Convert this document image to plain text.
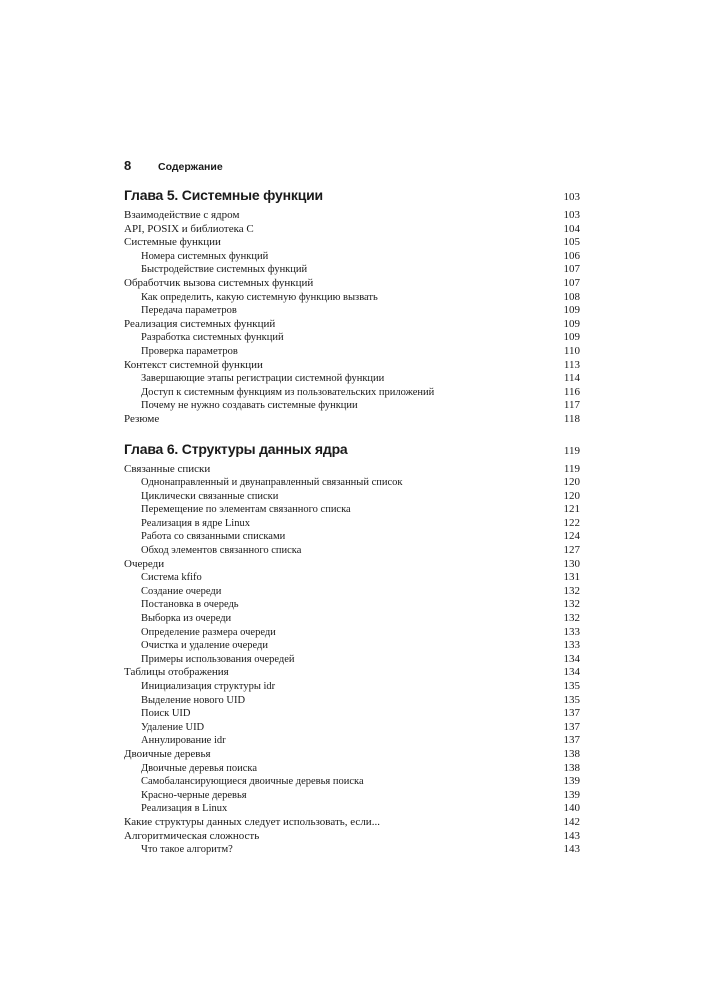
8	Содержание
Глава 5. Системные функции	103
Взаимодействие с ядром	103
API, POSIX и библиотека C	104
Системные функции	105
Номера системных функций	106
Быстродействие системных функций	107
Обработчик вызова системных функций	107
Как определить, какую системную функцию вызвать	108
Передача параметров	109
Реализация системных функций	109
Разработка системных функций	109
Проверка параметров	110
Контекст системной функции	113
Завершающие этапы регистрации системной функции	114
Доступ к системным функциям из пользовательских приложений	116
Почему не нужно создавать системные функции	117
Резюме	118
Глава 6. Структуры данных ядра	119
Связанные списки	119
Однонаправленный и двунаправленный связанный список	120
Циклически связанные списки	120
Перемещение по элементам связанного списка	121
Реализация в ядре Linux	122
Работа со связанными списками	124
Обход элементов связанного списка	127
Очереди	130
Система kfifo	131
Создание очереди	132
Постановка в очередь	132
Выборка из очереди	132
Определение размера очереди	133
Очистка и удаление очереди	133
Примеры использования очередей	134
Таблицы отображения	134
Инициализация структуры idr	135
Выделение нового UID	135
Поиск UID	137
Удаление UID	137
Аннулирование idr	137
Двоичные деревья	138
Двоичные деревья поиска	138
Самобалансирующиеся двоичные деревья поиска	139
Красно-черные деревья	139
Реализация в Linux	140
Какие структуры данных следует использовать, если...	142
Алгоритмическая сложность	143
Что такое алгоритм?	143
